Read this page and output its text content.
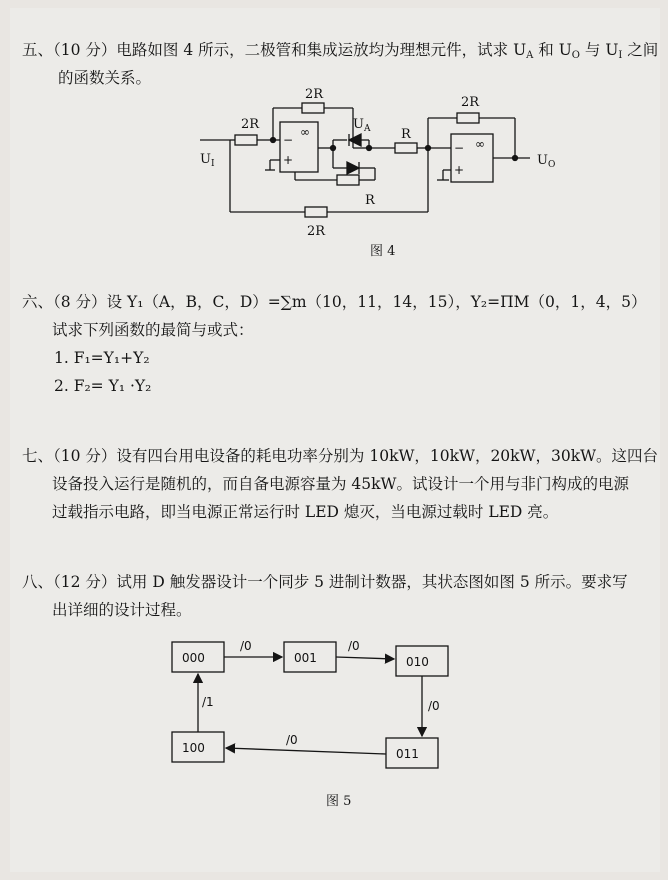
五、（10 分）电路如图 4 所示，二极管和集成运放均为理想元件，试求 $U_A$ 和 $U_O$ 与 $U_I$ 之间
的函数关系。
2R
2R
2R
R
R
2R
$U_I$
$U_A$
$U_O$
∞
−
+
∞
−
+
图 4
六、（8 分）设 Y₁（A，B，C，D）=∑m（10，11，14，15），Y₂=ΠM（0，1，4，5）
试求下列函数的最简与或式：
1. F₁=Y₁+Y₂
2. F₂= Y₁ ·Y₂
七、（10 分）设有四台用电设备的耗电功率分别为 10kW，10kW，20kW，30kW。这四台
设备投入运行是随机的，而自备电源容量为 45kW。试设计一个用与非门构成的电源
过载指示电路，即当电源正常运行时 LED 熄灭，当电源过载时 LED 亮。
八、（12 分）试用 D 触发器设计一个同步 5 进制计数器，其状态图如图 5 所示。要求写
出详细的设计过程。
000	001	010
011
100
/0	/0
/0
/0
/1
图 5
